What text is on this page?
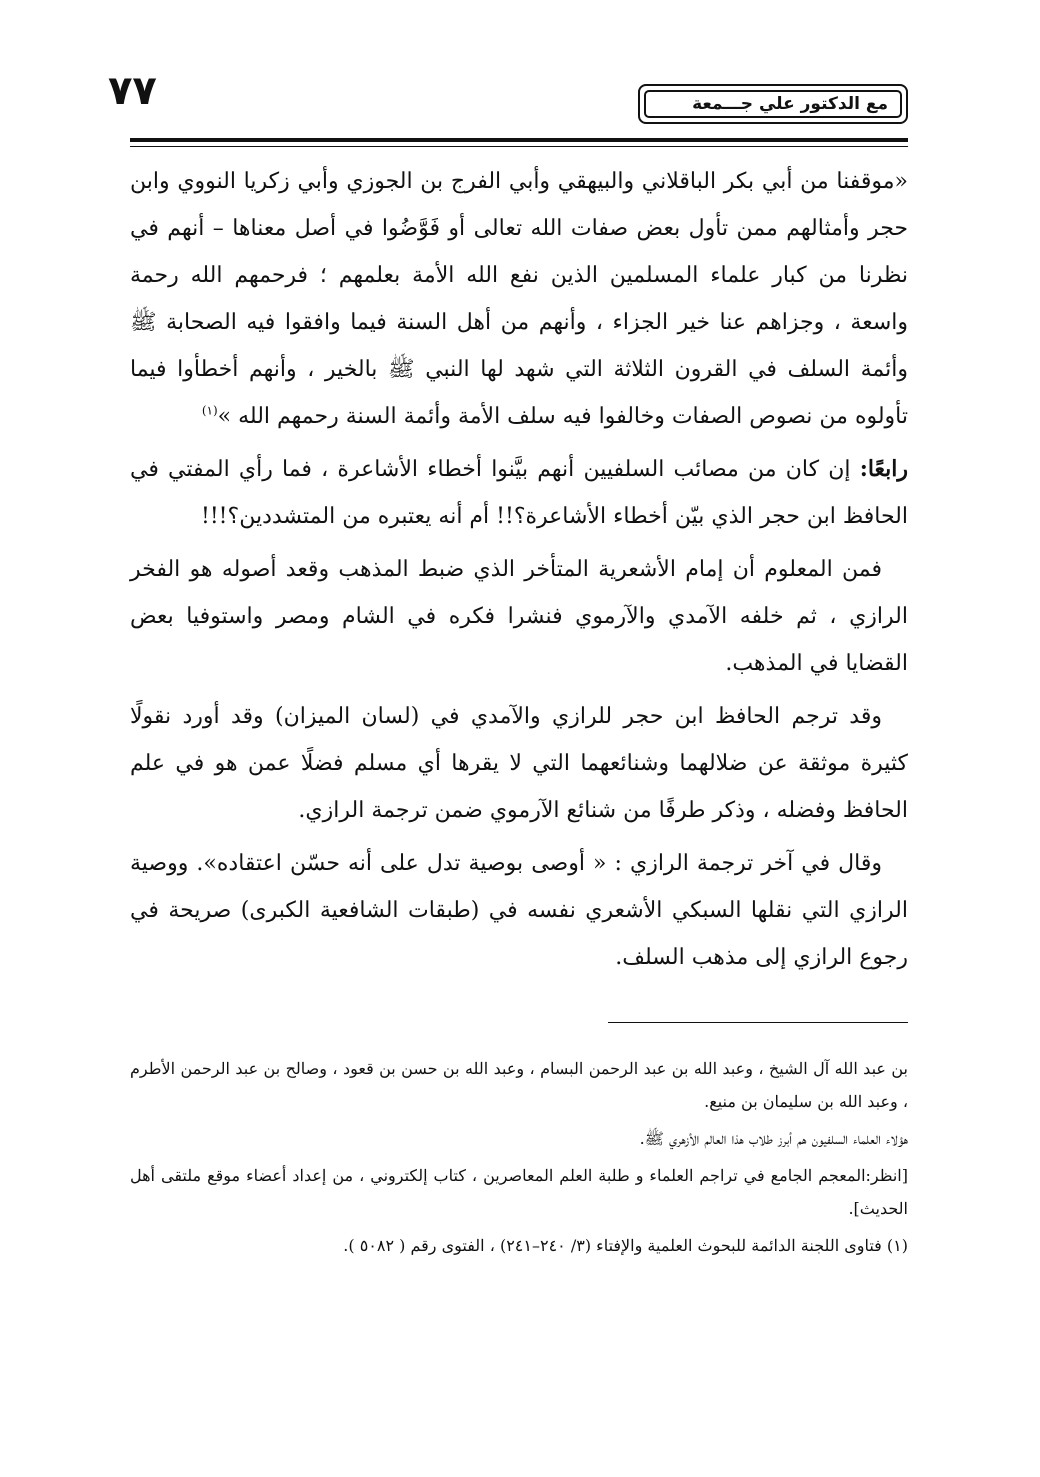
٧٧	مع الدكتور علي جـــمعة

«موقفنا من أبي بكر الباقلاني والبيهقي وأبي الفرج بن الجوزي وأبي زكريا النووي وابن حجر وأمثالهم ممن تأول بعض صفات الله تعالى أو فَوَّضُوا في أصل معناها – أنهم في نظرنا من كبار علماء المسلمين الذين نفع الله الأمة بعلمهم ؛ فرحمهم الله رحمة واسعة ، وجزاهم عنا خير الجزاء ، وأنهم من أهل السنة فيما وافقوا فيه الصحابة ﷺ وأئمة السلف في القرون الثلاثة التي شهد لها النبي ﷺ بالخير ، وأنهم أخطأوا فيما تأولوه من نصوص الصفات وخالفوا فيه سلف الأمة وأئمة السنة رحمهم الله »$^{(١)}$

رابعًا: إن كان من مصائب السلفيين أنهم بيَّنوا أخطاء الأشاعرة ، فما رأي المفتي في الحافظ ابن حجر الذي بيّن أخطاء الأشاعرة؟!! أم أنه يعتبره من المتشددين؟!!!

فمن المعلوم أن إمام الأشعرية المتأخر الذي ضبط المذهب وقعد أصوله هو الفخر الرازي ، ثم خلفه الآمدي والآرموي فنشرا فكره في الشام ومصر واستوفيا بعض القضايا في المذهب.

وقد ترجم الحافظ ابن حجر للرازي والآمدي في (لسان الميزان) وقد أورد نقولًا كثيرة موثقة عن ضلالهما وشنائعهما التي لا يقرها أي مسلم فضلًا عمن هو في علم الحافظ وفضله ، وذكر طرفًا من شنائع الآرموي ضمن ترجمة الرازي.

وقال في آخر ترجمة الرازي : « أوصى بوصية تدل على أنه حسّن اعتقاده». ووصية الرازي التي نقلها السبكي الأشعري نفسه في (طبقات الشافعية الكبرى) صريحة في رجوع الرازي إلى مذهب السلف.

بن عبد الله آل الشيخ ، وعبد الله بن عبد الرحمن البسام ، وعبد الله بن حسن بن قعود ، وصالح بن عبد الرحمن الأطرم ، وعبد الله بن سليمان بن منيع.

هؤلاء العلماء السلفيون هم أبرز طلاب هذا العالم الأزهري ﷺ.

[انظر:المعجم الجامع في تراجم العلماء و طلبة العلم المعاصرين ، كتاب إلكتروني ، من إعداد أعضاء موقع ملتقى أهل الحديث].

(١) فتاوى اللجنة الدائمة للبحوث العلمية والإفتاء (٣/ ٢٤٠–٢٤١) ، الفتوى رقم ( ٥٠٨٢ ).
